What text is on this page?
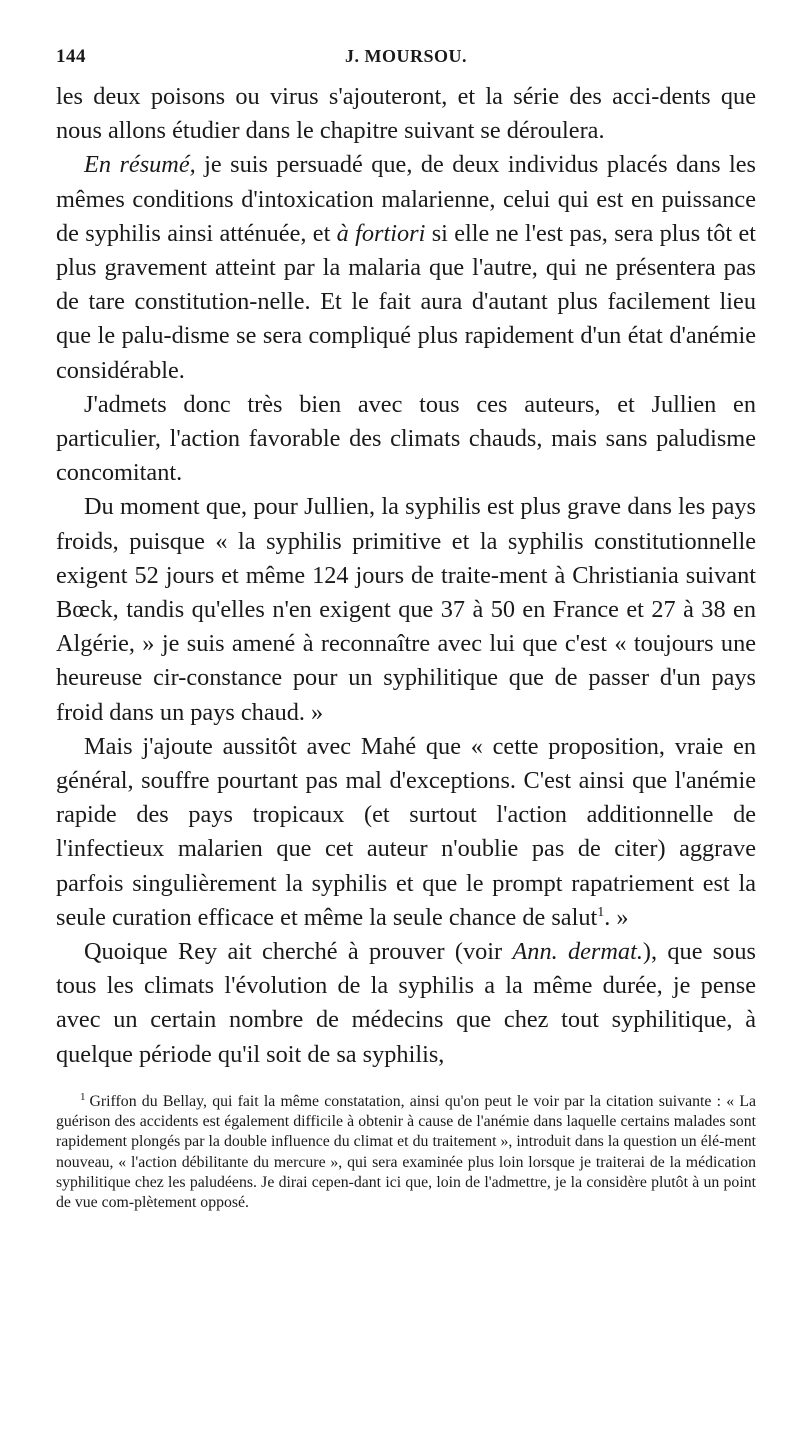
144	J. MOURSOU.

les deux poisons ou virus s'ajouteront, et la série des acci-dents que nous allons étudier dans le chapitre suivant se déroulera.

En résumé, je suis persuadé que, de deux individus placés dans les mêmes conditions d'intoxication malarienne, celui qui est en puissance de syphilis ainsi atténuée, et à fortiori si elle ne l'est pas, sera plus tôt et plus gravement atteint par la malaria que l'autre, qui ne présentera pas de tare constitution-nelle. Et le fait aura d'autant plus facilement lieu que le palu-disme se sera compliqué plus rapidement d'un état d'anémie considérable.

J'admets donc très bien avec tous ces auteurs, et Jullien en particulier, l'action favorable des climats chauds, mais sans paludisme concomitant.

Du moment que, pour Jullien, la syphilis est plus grave dans les pays froids, puisque « la syphilis primitive et la syphilis constitutionnelle exigent 52 jours et même 124 jours de traite-ment à Christiania suivant Bœck, tandis qu'elles n'en exigent que 37 à 50 en France et 27 à 38 en Algérie, » je suis amené à reconnaître avec lui que c'est « toujours une heureuse cir-constance pour un syphilitique que de passer d'un pays froid dans un pays chaud. »

Mais j'ajoute aussitôt avec Mahé que « cette proposition, vraie en général, souffre pourtant pas mal d'exceptions. C'est ainsi que l'anémie rapide des pays tropicaux (et surtout l'action additionnelle de l'infectieux malarien que cet auteur n'oublie pas de citer) aggrave parfois singulièrement la syphilis et que le prompt rapatriement est la seule curation efficace et même la seule chance de salut$^1$. »

Quoique Rey ait cherché à prouver (voir Ann. dermat.), que sous tous les climats l'évolution de la syphilis a la même durée, je pense avec un certain nombre de médecins que chez tout syphilitique, à quelque période qu'il soit de sa syphilis,

$^1$ Griffon du Bellay, qui fait la même constatation, ainsi qu'on peut le voir par la citation suivante : « La guérison des accidents est également difficile à obtenir à cause de l'anémie dans laquelle certains malades sont rapidement plongés par la double influence du climat et du traitement », introduit dans la question un élé-ment nouveau, « l'action débilitante du mercure », qui sera examinée plus loin lorsque je traiterai de la médication syphilitique chez les paludéens. Je dirai cepen-dant ici que, loin de l'admettre, je la considère plutôt à un point de vue com-plètement opposé.
